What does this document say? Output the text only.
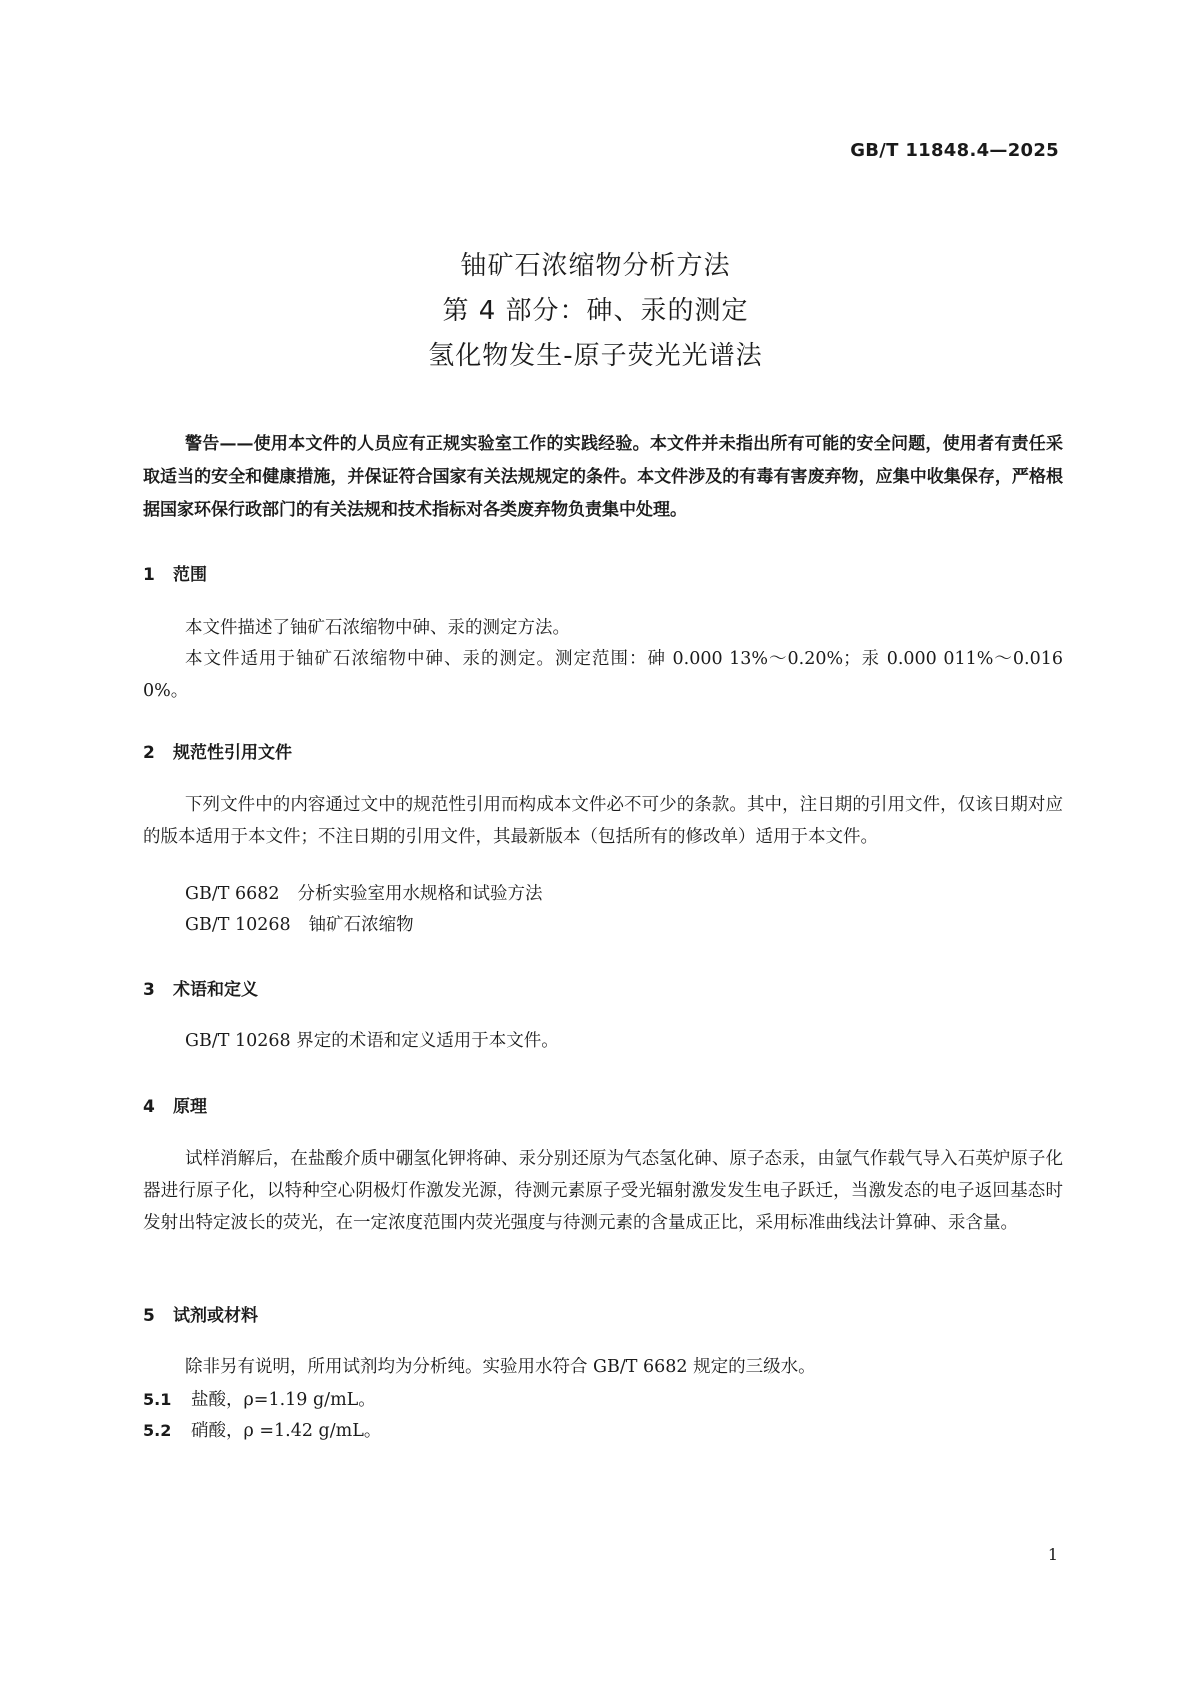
GB/T 11848.4—2025
铀矿石浓缩物分析方法
第 4 部分：砷、汞的测定
氢化物发生-原子荧光光谱法
警告——使用本文件的人员应有正规实验室工作的实践经验。本文件并未指出所有可能的安全问题，使用者有责任采取适当的安全和健康措施，并保证符合国家有关法规规定的条件。本文件涉及的有毒有害废弃物，应集中收集保存，严格根据国家环保行政部门的有关法规和技术指标对各类废弃物负责集中处理。
1 范围
本文件描述了铀矿石浓缩物中砷、汞的测定方法。
本文件适用于铀矿石浓缩物中砷、汞的测定。测定范围：砷 0.000 13%～0.20%；汞 0.000 011%～0.016 0%。
2 规范性引用文件
下列文件中的内容通过文中的规范性引用而构成本文件必不可少的条款。其中，注日期的引用文件，仅该日期对应的版本适用于本文件；不注日期的引用文件，其最新版本（包括所有的修改单）适用于本文件。
GB/T 6682 分析实验室用水规格和试验方法
GB/T 10268 铀矿石浓缩物
3 术语和定义
GB/T 10268 界定的术语和定义适用于本文件。
4 原理
试样消解后，在盐酸介质中硼氢化钾将砷、汞分别还原为气态氢化砷、原子态汞，由氩气作载气导入石英炉原子化器进行原子化，以特种空心阴极灯作激发光源，待测元素原子受光辐射激发发生电子跃迁，当激发态的电子返回基态时发射出特定波长的荧光，在一定浓度范围内荧光强度与待测元素的含量成正比，采用标准曲线法计算砷、汞含量。
5 试剂或材料
除非另有说明，所用试剂均为分析纯。实验用水符合 GB/T 6682 规定的三级水。
5.1 盐酸，ρ=1.19 g/mL。
5.2 硝酸，ρ =1.42 g/mL。
1
